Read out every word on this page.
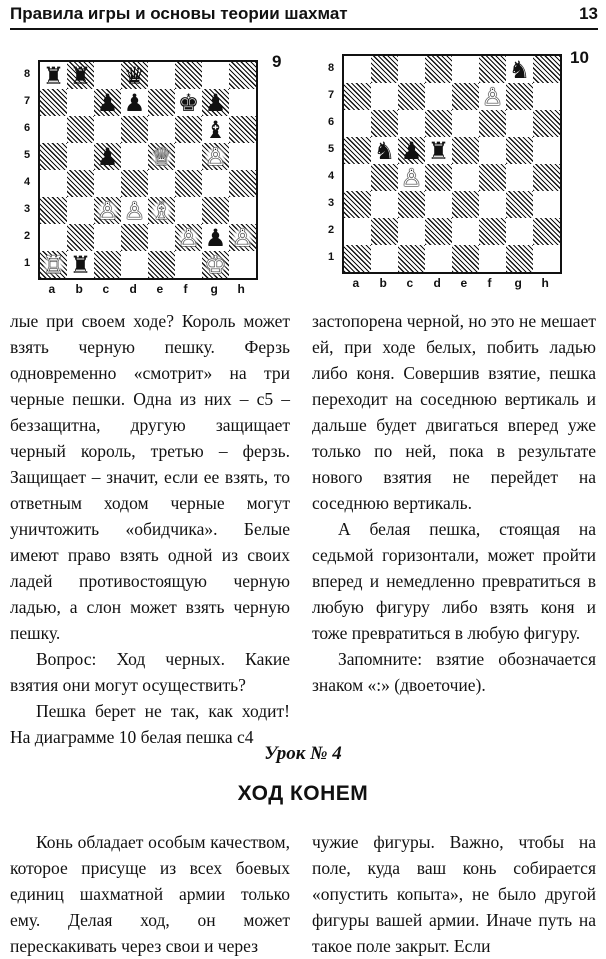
Правила игры и основы теории шахмат	13
♜ ♜ ♛
♟ ♟ ♚ ♟
♝
♟ ♕ ♙
♙ ♙ ♗
♙ ♟ ♙
♖ ♜	♔
9
8
7
6
5
4
3
2
1
a b c d e f g h
♞
♙
♞ ♟ ♜
♙
10
8
7
6
5
4
3
2
1
a b c d e f g h

лые при своем ходе? Король может взять черную пешку. Ферзь одновременно «смотрит» на три черные пешки. Одна из них – c5 – беззащитна, другую защищает черный король, третью – ферзь. Защищает – значит, если ее взять, то ответным ходом черные могут уничтожить «обидчика». Белые имеют право взять одной из своих ладей противостоящую черную ладью, а слон может взять черную пешку.

Вопрос: Ход черных. Какие взятия они могут осуществить?

Пешка берет не так, как ходит! На диаграмме 10 белая пешка c4

застопорена черной, но это не мешает ей, при ходе белых, побить ладью либо коня. Совершив взятие, пешка переходит на соседнюю вертикаль и дальше будет двигаться вперед уже только по ней, пока в результате нового взятия не перейдет на соседнюю вертикаль.

А белая пешка, стоящая на седьмой горизонтали, может пройти вперед и немедленно превратиться в любую фигуру либо взять коня и тоже превратиться в любую фигуру.

Запомните: взятие обозначается знаком «:» (двоеточие).

Урок № 4
ХОД КОНЕМ

Конь обладает особым качеством, которое присуще из всех боевых единиц шахматной армии только ему. Делая ход, он может перескакивать через свои и через

чужие фигуры. Важно, чтобы на поле, куда ваш конь собирается «опустить копыта», не было другой фигуры вашей армии. Иначе путь на такое поле закрыт. Если
